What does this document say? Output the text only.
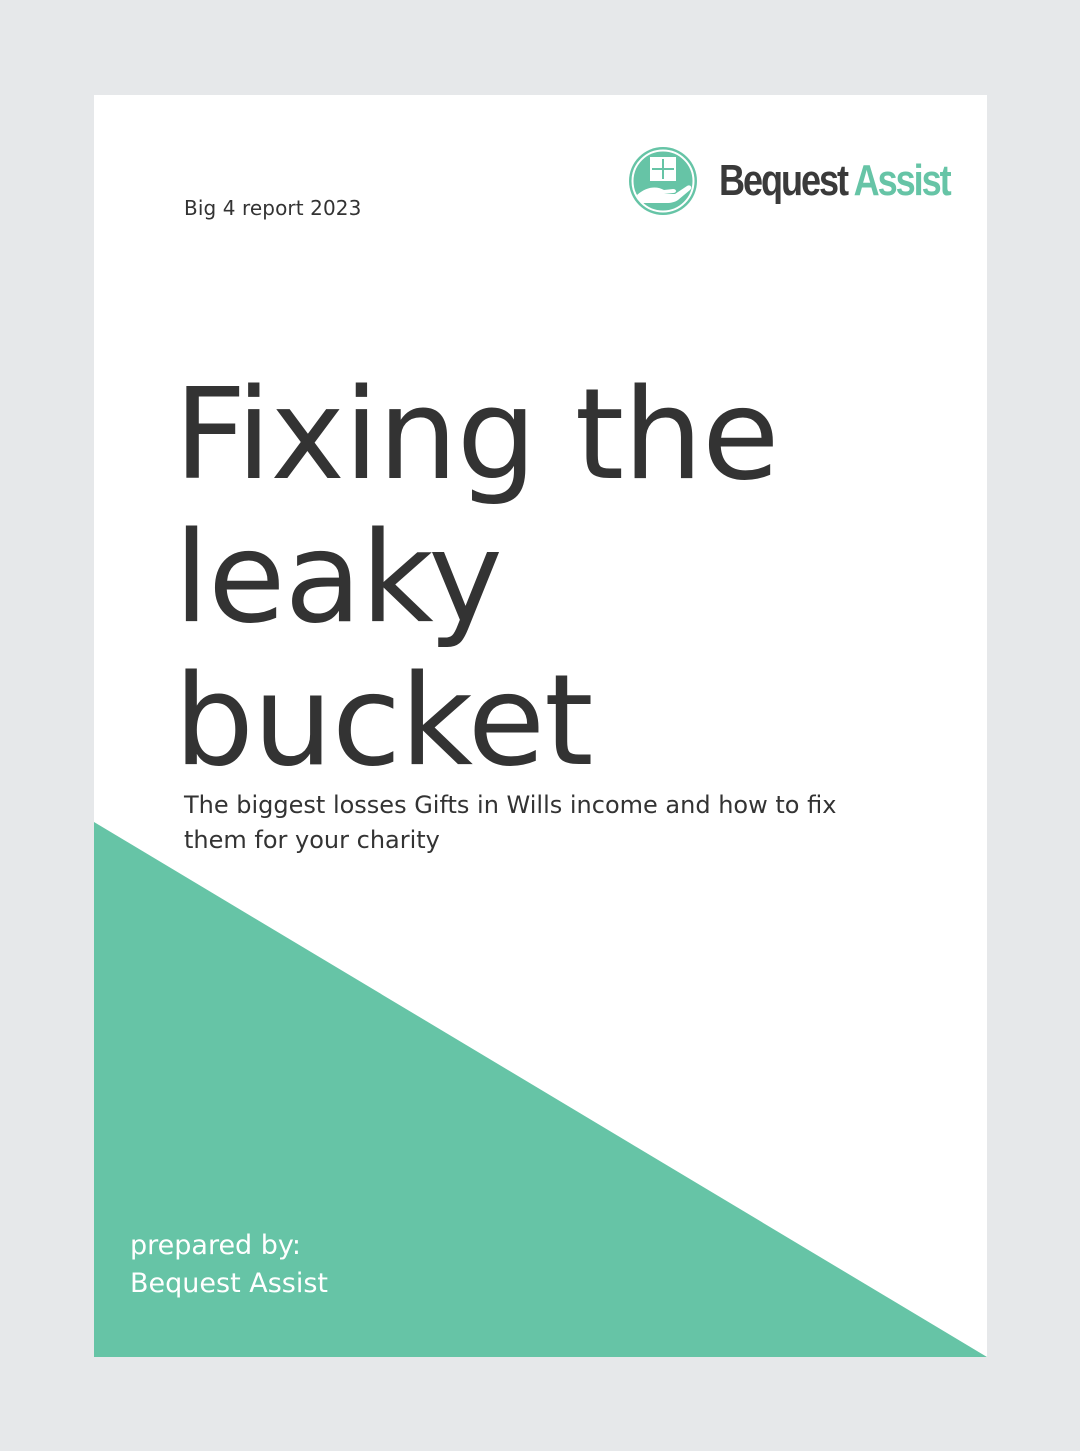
Big 4 report 2023
Bequest Assist
Fixing the
leaky
bucket

The biggest losses Gifts in Wills income and how to fix them for your charity

prepared by:
Bequest Assist
